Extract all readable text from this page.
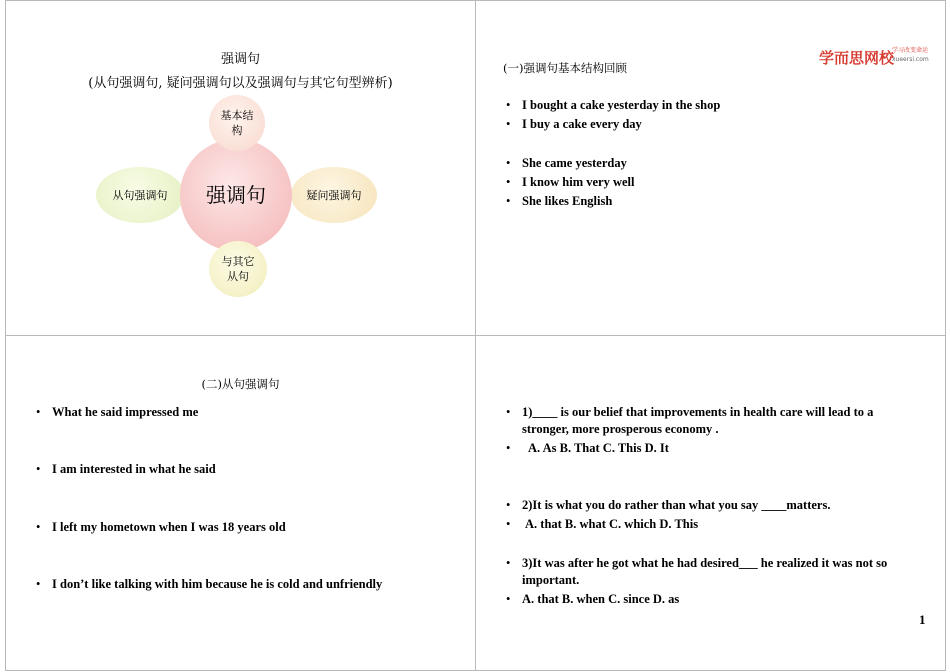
强调句
(从句强调句, 疑问强调句以及强调句与其它句型辨析)
从句强调句	疑问强调句
强调句
基本结
构
与其它
从句
(一)强调句基本结构回顾
学而思网校
学习改变命运
xueersi.com
• I bought a cake yesterday in the shop
• I buy a cake every day
• She came yesterday
• I know him very well
• She likes English
(二)从句强调句
• What he said impressed me
• I am interested in what he said
• I left my hometown when I was 18 years old
• I don’t like talking with him because he is cold and unfriendly
• 1)____ is our belief that improvements in health care will lead to a stronger, more prosperous economy .
• A. As B. That C. This D. It
• 2)It is what you do rather than what you say ____matters.
• A. that B. what C. which D. This
• 3)It was after he got what he had desired___ he realized it was not so important.
• A. that B. when C. since D. as
1
